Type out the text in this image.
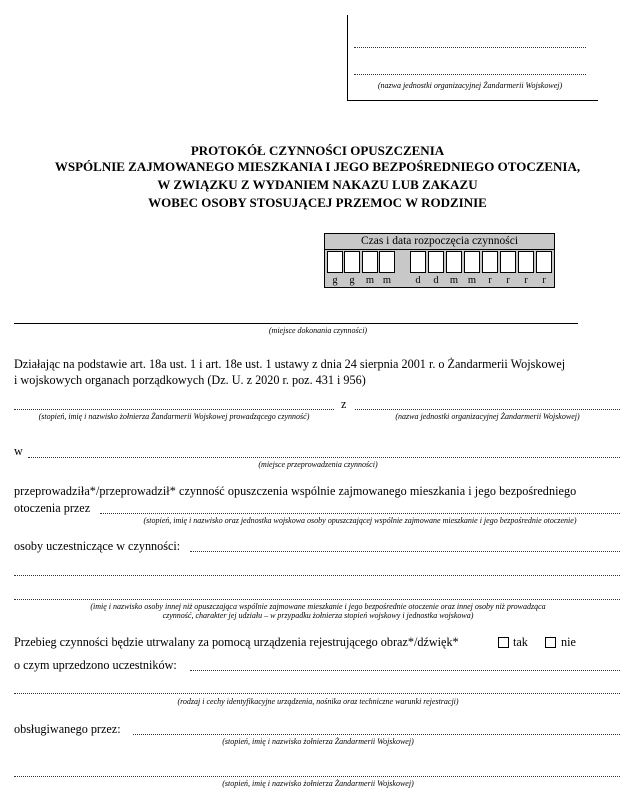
(nazwa jednostki organizacyjnej Żandarmerii Wojskowej)
PROTOKÓŁ CZYNNOŚCI OPUSZCZENIA
WSPÓLNIE ZAJMOWANEGO MIESZKANIA I JEGO BEZPOŚREDNIEGO OTOCZENIA,
W ZWIĄZKU Z WYDANIEM NAKAZU LUB ZAKAZU
WOBEC OSOBY STOSUJĄCEJ PRZEMOC W RODZINIE
Czas i data rozpoczęcia czynności
g	g	m m	d	d	m m	r	r	r	r
(miejsce dokonania czynności)
Działając na podstawie art. 18a ust. 1 i art. 18e ust. 1 ustawy z dnia 24 sierpnia 2001 r. o Żandarmerii Wojskowej
i wojskowych organach porządkowych (Dz. U. z 2020 r. poz. 431 i 956)
z
(stopień, imię i nazwisko żołnierza Żandarmerii Wojskowej prowadzącego czynność)	(nazwa jednostki organizacyjnej Żandarmerii Wojskowej)
w
(miejsce przeprowadzenia czynności)
przeprowadziła*/przeprowadził* czynność opuszczenia wspólnie zajmowanego mieszkania i jego bezpośredniego
otoczenia przez
(stopień, imię i nazwisko oraz jednostka wojskowa osoby opuszczającej wspólnie zajmowane mieszkanie i jego bezpośrednie otoczenie)
osoby uczestniczące w czynności:
(imię i nazwisko osoby innej niż opuszczająca wspólnie zajmowane mieszkanie i jego bezpośrednie otoczenie oraz innej osoby niż prowadząca
czynność, charakter jej udziału – w przypadku żołnierza stopień wojskowy i jednostka wojskowa)
Przebieg czynności będzie utrwalany za pomocą urządzenia rejestrującego obraz*/dźwięk*	tak	nie
o czym uprzedzono uczestników:
(rodzaj i cechy identyfikacyjne urządzenia, nośnika oraz techniczne warunki rejestracji)
obsługiwanego przez:
(stopień, imię i nazwisko żołnierza Żandarmerii Wojskowej)
(stopień, imię i nazwisko żołnierza Żandarmerii Wojskowej)
